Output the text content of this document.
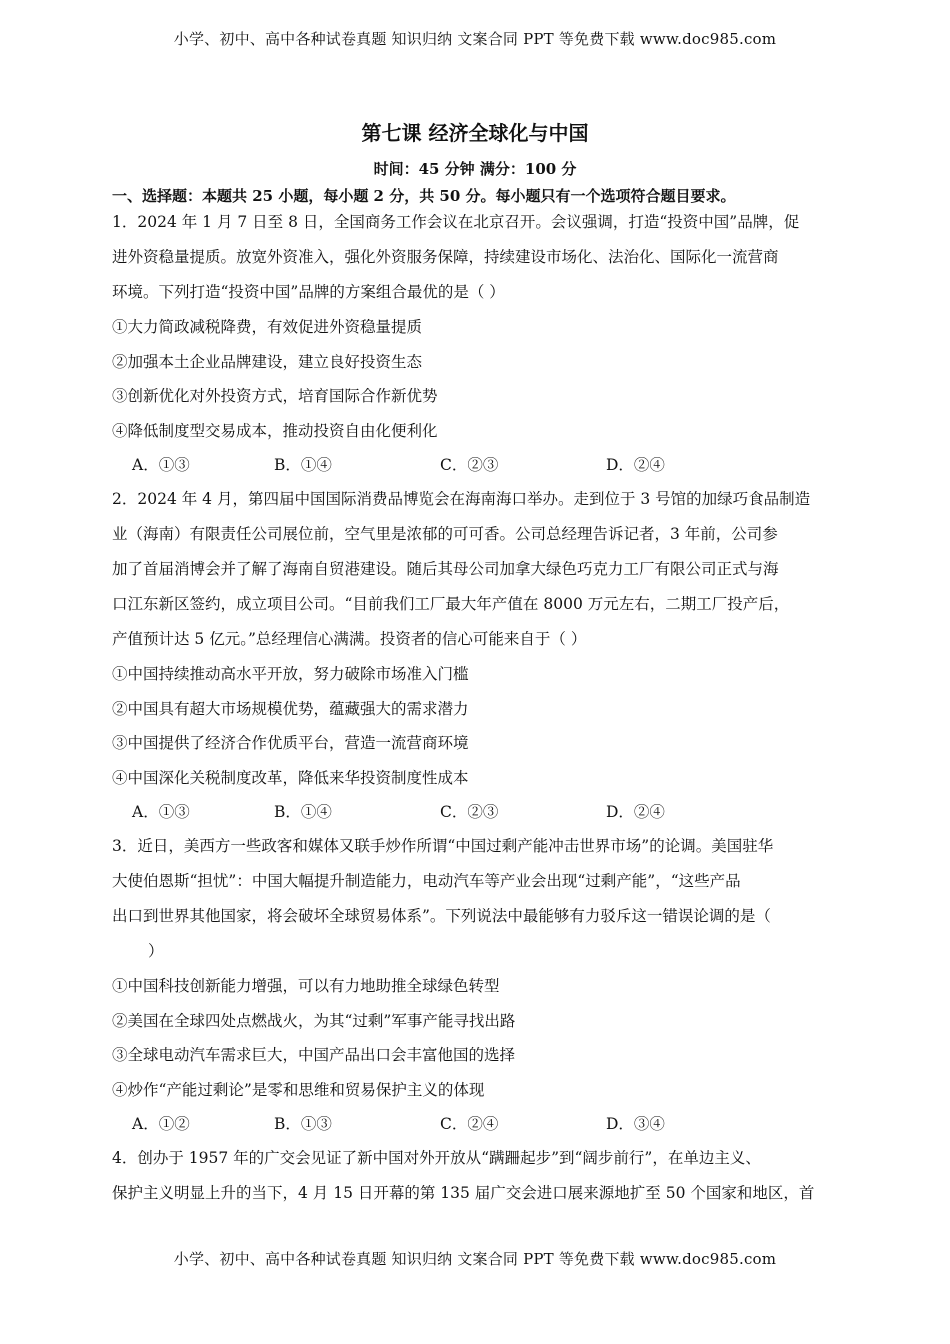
小学、初中、高中各种试卷真题 知识归纳 文案合同 PPT 等免费下载 www.doc985.com
第七课 经济全球化与中国
时间：45 分钟 满分：100 分
一、选择题：本题共 25 小题，每小题 2 分，共 50 分。每小题只有一个选项符合题目要求。
1．2024 年 1 月 7 日至 8 日，全国商务工作会议在北京召开。会议强调，打造“投资中国”品牌，促
进外资稳量提质。放宽外资准入，强化外资服务保障，持续建设市场化、法治化、国际化一流营商
环境。下列打造“投资中国”品牌的方案组合最优的是（ ）
①大力简政减税降费，有效促进外资稳量提质
②加强本土企业品牌建设，建立良好投资生态
③创新优化对外投资方式，培育国际合作新优势
④降低制度型交易成本，推动投资自由化便利化
A．①③	B．①④	C．②③	D．②④
2．2024 年 4 月，第四届中国国际消费品博览会在海南海口举办。走到位于 3 号馆的加绿巧食品制造
业（海南）有限责任公司展位前，空气里是浓郁的可可香。公司总经理告诉记者，3 年前，公司参
加了首届消博会并了解了海南自贸港建设。随后其母公司加拿大绿色巧克力工厂有限公司正式与海
口江东新区签约，成立项目公司。“目前我们工厂最大年产值在 8000 万元左右，二期工厂投产后，
产值预计达 5 亿元。”总经理信心满满。投资者的信心可能来自于（ ）
①中国持续推动高水平开放，努力破除市场准入门槛
②中国具有超大市场规模优势，蕴藏强大的需求潜力
③中国提供了经济合作优质平台，营造一流营商环境
④中国深化关税制度改革，降低来华投资制度性成本
A．①③	B．①④	C．②③	D．②④
3．近日，美西方一些政客和媒体又联手炒作所谓“中国过剩产能冲击世界市场”的论调。美国驻华
大使伯恩斯“担忧”：中国大幅提升制造能力，电动汽车等产业会出现“过剩产能”，“这些产品
出口到世界其他国家，将会破坏全球贸易体系”。下列说法中最能够有力驳斥这一错误论调的是（
）
①中国科技创新能力增强，可以有力地助推全球绿色转型
②美国在全球四处点燃战火，为其“过剩”军事产能寻找出路
③全球电动汽车需求巨大，中国产品出口会丰富他国的选择
④炒作“产能过剩论”是零和思维和贸易保护主义的体现
A．①②	B．①③	C．②④	D．③④
4．创办于 1957 年的广交会见证了新中国对外开放从“蹒跚起步”到“阔步前行”，在单边主义、
保护主义明显上升的当下，4 月 15 日开幕的第 135 届广交会进口展来源地扩至 50 个国家和地区，首
小学、初中、高中各种试卷真题 知识归纳 文案合同 PPT 等免费下载 www.doc985.com
